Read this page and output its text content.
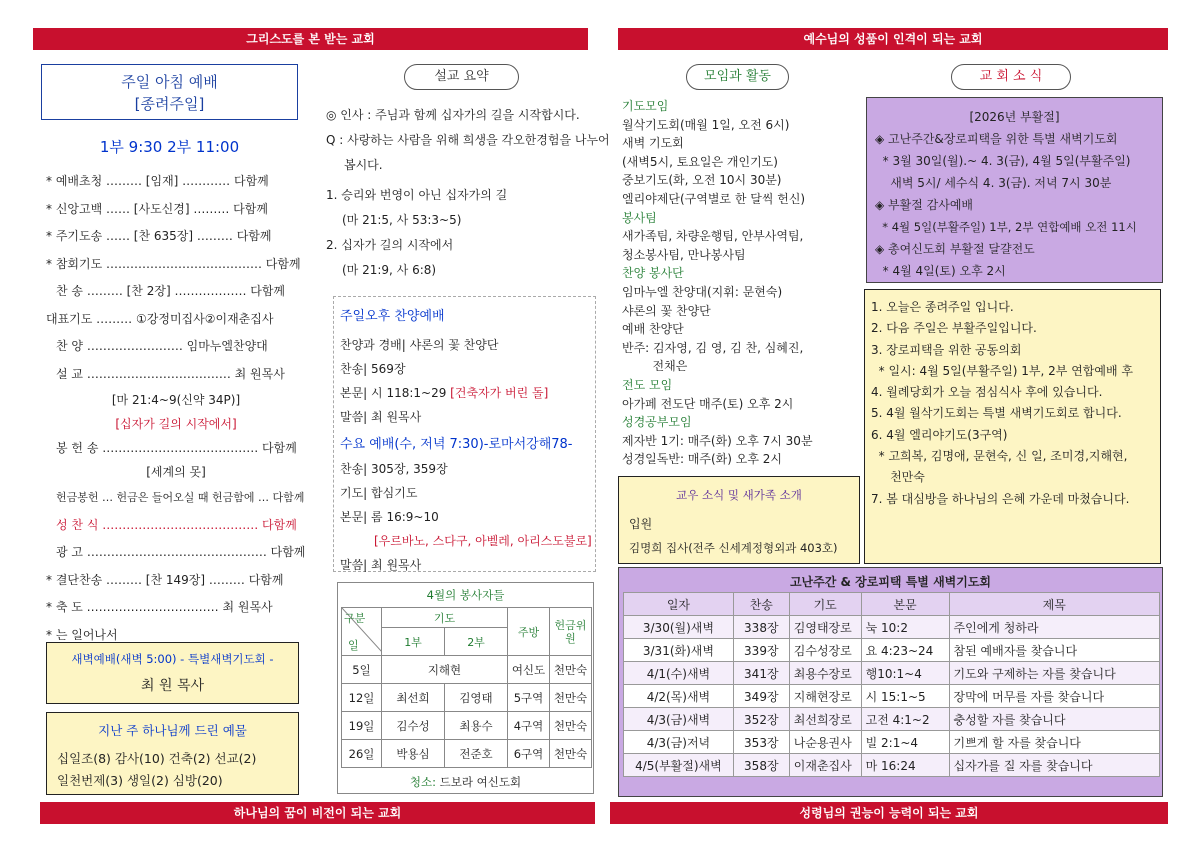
그리스도를 본 받는 교회	예수님의 성품이 인격이 되는 교회
하나님의 꿈이 비전이 되는 교회	성령님의 권능이 능력이 되는 교회
주일 아침 예배
[종려주일]
1부 9:30 2부 11:00
* 예배초청 ……… [임재] ………… 다함께
* 신앙고백 …… [사도신경] ……… 다함께
* 주기도송 …… [찬 635장] ……… 다함께
* 참회기도 ………………………………… 다함께
찬 송 ……… [찬 2장] ……………… 다함께
대표기도 ……… ①강정미집사②이재춘집사
찬 양 …………………… 임마누엘찬양대
설 교 ……………………………… 최 원목사
[마 21:4~9(신약 34P)]
[십자가 길의 시작에서]
봉 헌 송 ………………………………… 다함께
[세계의 못]
헌금봉헌 … 헌금은 들어오실 때 헌금함에 … 다함께
성 찬 식 ………………………………… 다함께
광 고 ……………………………………… 다함께
* 결단찬송 ……… [찬 149장] ……… 다함께
* 축 도 …………………………… 최 원목사
* 는 일어나서
새벽예배(새벽 5:00) - 특별새벽기도회 -
최 원 목사
지난 주 하나님께 드린 예물
십일조(8) 감사(10) 건축(2) 선교(2)
일천번제(3) 생일(2) 심방(20)
설교 요약
◎ 인사 : 주님과 함께 십자가의 길을 시작합시다.
Q : 사랑하는 사람을 위해 희생을 각오한경험을 나누어
봅시다.
1. 승리와 번영이 아닌 십자가의 길
(마 21:5, 사 53:3~5)
2. 십자가 길의 시작에서
(마 21:9, 사 6:8)
주일오후 찬양예배
찬양과 경배| 샤론의 꽃 찬양단
찬송| 569장
본문| 시 118:1~29 [건축자가 버린 돌]
말씀| 최 원목사
수요 예배(수, 저녁 7:30)-로마서강해78-
찬송| 305장, 359장
기도| 합심기도
본문| 롬 16:9~10
[우르바노, 스다구, 아벨레, 아리스도불로]
말씀| 최 원목사
4월의 봉사자들
구분
일	기도		주방	헌금위원
	1부	2부		
5일	지해현		여신도	천만숙
12일	최선희	김영태	5구역	천만숙
19일	김수성	최용수	4구역	천만숙
26일	박용심	전준호	6구역	천만숙
청소: 드보라 여신도회
모임과 활동
기도모임
월삭기도회(매월 1일, 오전 6시)
새벽 기도회
(새벽5시, 토요일은 개인기도)
중보기도(화, 오전 10시 30분)
엘리야제단(구역별로 한 달씩 헌신)
봉사팀
새가족팀, 차량운행팀, 안부사역팀,
청소봉사팀, 만나봉사팀
찬양 봉사단
임마누엘 찬양대(지휘: 문현숙)
샤론의 꽃 찬양단
예배 찬양단
반주: 김자영, 김 영, 김 찬, 심혜진,
전채은
전도 모임
아가페 전도단 매주(토) 오후 2시
성경공부모임
제자반 1기: 매주(화) 오후 7시 30분
성경일독반: 매주(화) 오후 2시
교우 소식 및 새가족 소개
입원
김명희 집사(전주 신세계정형외과 403호)
교 회 소 식
[2026년 부활절]
◈ 고난주간&장로피택을 위한 특별 새벽기도회
* 3월 30일(월).~ 4. 3(금), 4월 5일(부활주일)
새벽 5시/ 세수식 4. 3(금). 저녁 7시 30분
◈ 부활절 감사예배
* 4월 5일(부활주일) 1부, 2부 연합예배 오전 11시
◈ 총여신도회 부활절 달걀전도
* 4월 4일(토) 오후 2시
1. 오늘은 종려주일 입니다.
2. 다음 주일은 부활주일입니다.
3. 장로피택을 위한 공동의회
* 일시: 4월 5일(부활주일) 1부, 2부 연합예배 후
4. 월례당회가 오늘 점심식사 후에 있습니다.
5. 4월 월삭기도회는 특별 새벽기도회로 합니다.
6. 4월 엘리야기도(3구역)
* 고희복, 김명애, 문현숙, 신 일, 조미경,지해현,
천만숙
7. 봄 대심방을 하나님의 은혜 가운데 마쳤습니다.
고난주간 & 장로피택 특별 새벽기도회
일자	찬송	기도	본문	제목
3/30(월)새벽	338장	김영태장로	눅 10:2	주인에게 청하라
3/31(화)새벽	339장	김수성장로	요 4:23~24	참된 예배자를 찾습니다
4/1(수)새벽	341장	최용수장로	행10:1~4	기도와 구제하는 자를 찾습니다
4/2(목)새벽	349장	지해현장로	시 15:1~5	장막에 머무를 자를 찾습니다
4/3(금)새벽	352장	최선희장로	고전 4:1~2	충성할 자를 찾습니다
4/3(금)저녁	353장	나순용권사	빌 2:1~4	기쁘게 할 자를 찾습니다
4/5(부활절)새벽	358장	이재춘집사	마 16:24	십자가를 질 자를 찾습니다
